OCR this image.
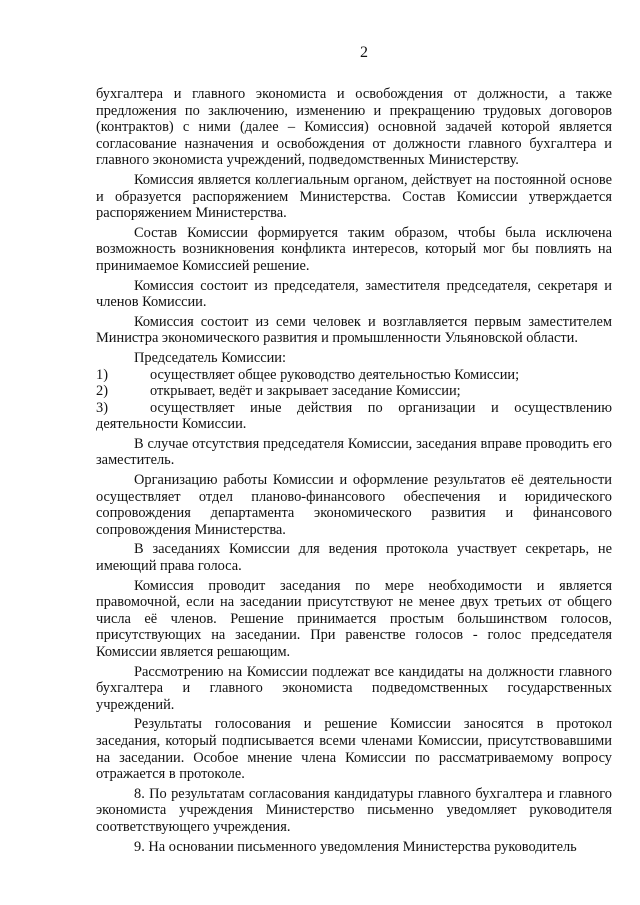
2

бухгалтера и главного экономиста и освобождения от должности, а также предложения по заключению, изменению и прекращению трудовых договоров (контрактов) с ними (далее – Комиссия) основной задачей которой является согласование назначения и освобождения от должности главного бухгалтера и главного экономиста учреждений, подведомственных Министерству.

Комиссия является коллегиальным органом, действует на постоянной основе и образуется распоряжением Министерства. Состав Комиссии утверждается распоряжением Министерства.

Состав Комиссии формируется таким образом, чтобы была исключена возможность возникновения конфликта интересов, который мог бы повлиять на принимаемое Комиссией решение.

Комиссия состоит из председателя, заместителя председателя, секретаря и членов Комиссии.

Комиссия состоит из семи человек и возглавляется первым заместителем Министра экономического развития и промышленности Ульяновской области.

Председатель Комиссии:

1)	осуществляет общее руководство деятельностью Комиссии;

2)	открывает, ведёт и закрывает заседание Комиссии;

3)	осуществляет иные действия по организации и осуществлению деятельности Комиссии.

В случае отсутствия председателя Комиссии, заседания вправе проводить его заместитель.

Организацию работы Комиссии и оформление результатов её деятельности осуществляет отдел планово-финансового обеспечения и юридического сопровождения департамента экономического развития и финансового сопровождения Министерства.

В заседаниях Комиссии для ведения протокола участвует секретарь, не имеющий права голоса.

Комиссия проводит заседания по мере необходимости и является правомочной, если на заседании присутствуют не менее двух третьих от общего числа её членов. Решение принимается простым большинством голосов, присутствующих на заседании. При равенстве голосов - голос председателя Комиссии является решающим.

Рассмотрению на Комиссии подлежат все кандидаты на должности главного бухгалтера и главного экономиста подведомственных государственных учреждений.

Результаты голосования и решение Комиссии заносятся в протокол заседания, который подписывается всеми членами Комиссии, присутствовавшими на заседании. Особое мнение члена Комиссии по рассматриваемому вопросу отражается в протоколе.

8. По результатам согласования кандидатуры главного бухгалтера и главного экономиста учреждения Министерство письменно уведомляет руководителя соответствующего учреждения.

9. На основании письменного уведомления Министерства руководитель
